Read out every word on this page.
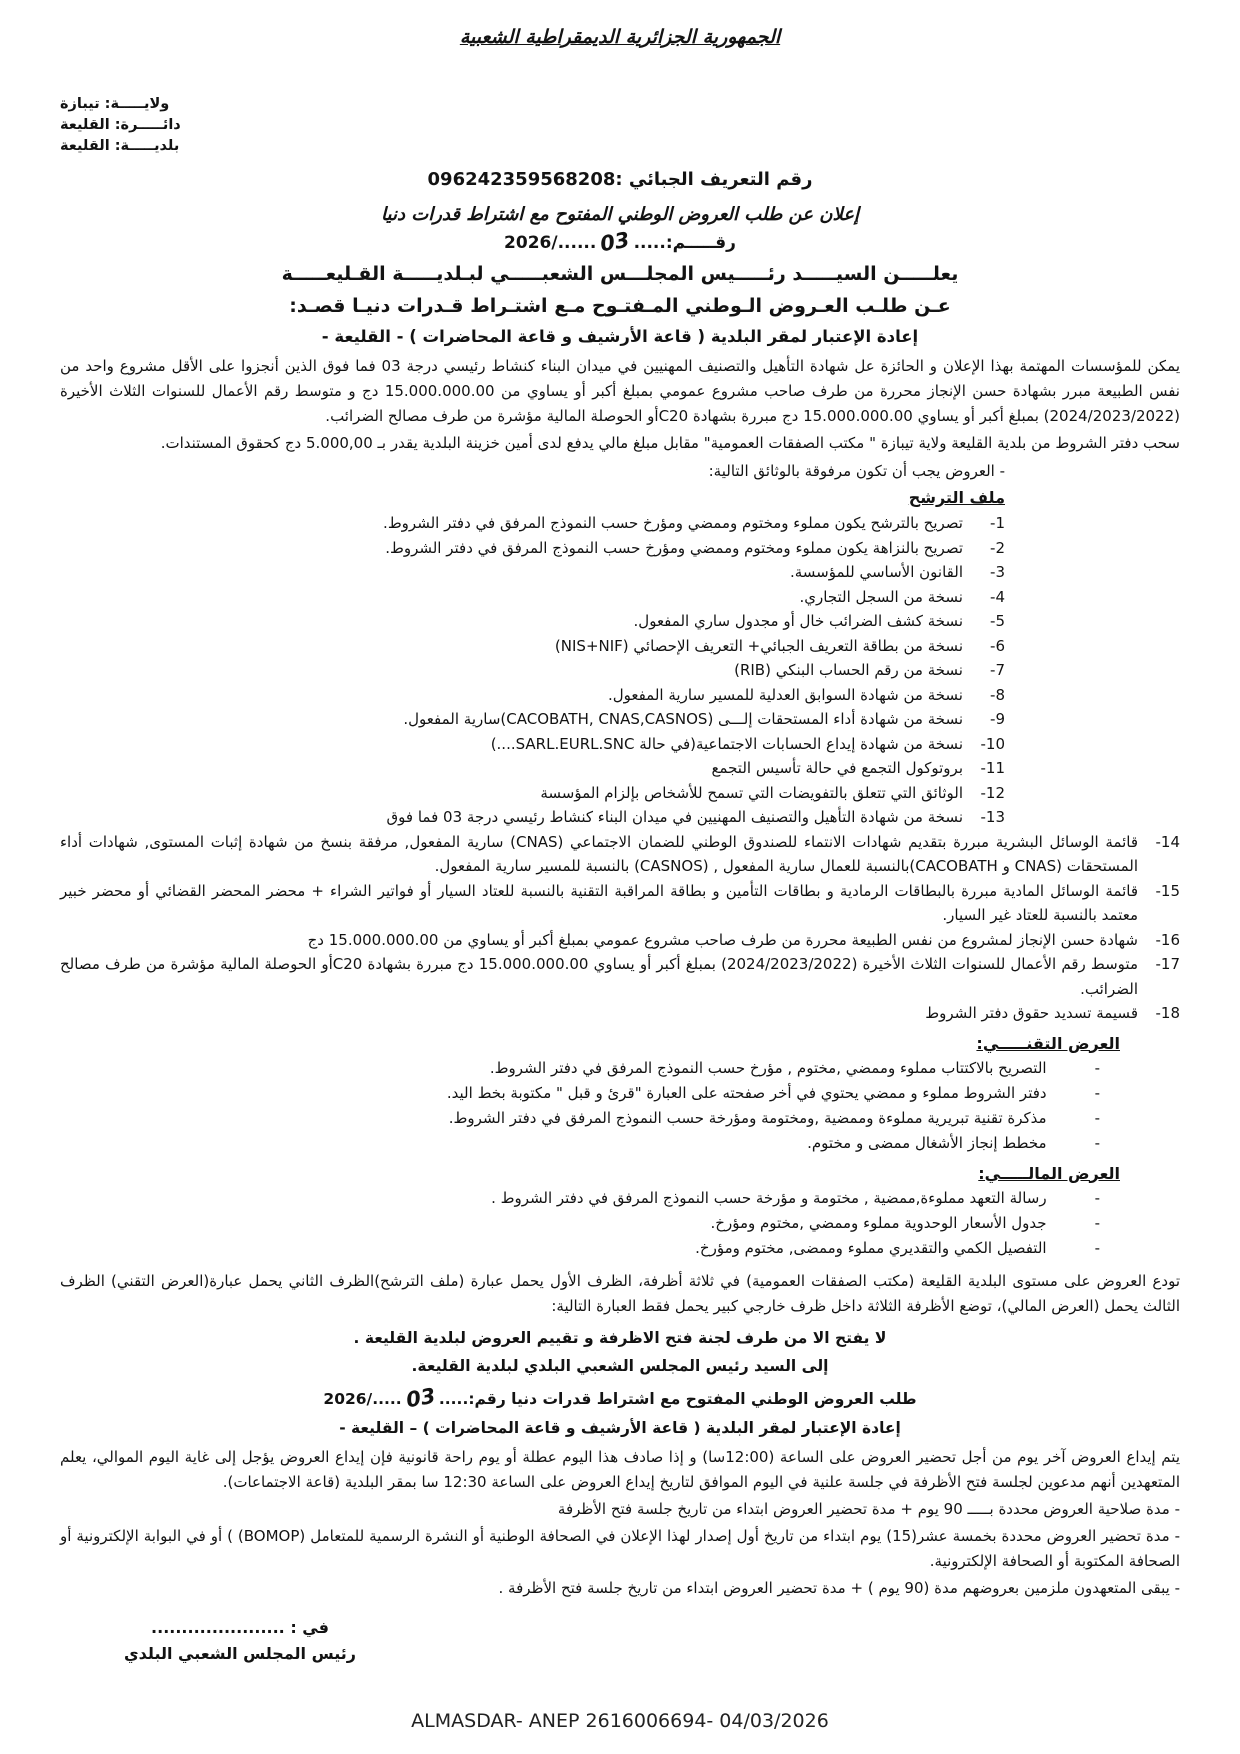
الجمهورية الجزائرية الديمقراطية الشعبية
ولايـــــة: تيبازة
دائـــــرة: القليعة
بلديـــــة: القليعة
رقم التعريف الجبائي :096242359568208
إعلان عن طلب العروض الوطني المفتوح مع اشتراط قدرات دنيا
رقـــــم:.....
03
2026/......
يعلـــــن السيـــــد رئـــــيس المجلـــس الشعبـــــي لبـلديـــــة القـليعـــــة
عـن طلـب العـروض الـوطني المـفتـوح مـع اشتـراط قـدرات دنيـا قصـد:
إعادة الإعتبار لمقر البلدية ( قاعة الأرشيف و قاعة المحاضرات ) - القليعة -
يمكن للمؤسسات المهتمة بهذا الإعلان و الحائزة عل شهادة التأهيل والتصنيف المهنيين في ميدان البناء كنشاط رئيسي درجة 03 فما فوق الذين أنجزوا على الأقل مشروع واحد من نفس الطبيعة مبرر بشهادة حسن الإنجاز محررة من طرف صاحب مشروع عمومي بمبلغ أكبر أو يساوي من 15.000.000.00 دج و متوسط رقم الأعمال للسنوات الثلاث الأخيرة (2024/2023/2022) بمبلغ أكبر أو يساوي 15.000.000.00 دج مبررة بشهادة C20أو الحوصلة المالية مؤشرة من طرف مصالح الضرائب.
سحب دفتر الشروط من بلدية القليعة ولاية تيبازة " مكتب الصفقات العمومية" مقابل مبلغ مالي يدفع لدى أمين خزينة البلدية يقدر بـ 5.000,00 دج كحقوق المستندات.
- العروض يجب أن تكون مرفوقة بالوثائق التالية:
ملف الترشح
-1
تصريح بالترشح يكون مملوء ومختوم وممضي ومؤرخ حسب النموذج المرفق في دفتر الشروط.
-2
تصريح بالنزاهة يكون مملوء ومختوم وممضي ومؤرخ حسب النموذج المرفق في دفتر الشروط.
-3
القانون الأساسي للمؤسسة.
-4
نسخة من السجل التجاري.
-5
نسخة كشف الضرائب خال أو مجدول ساري المفعول.
-6
نسخة من بطاقة التعريف الجبائي+ التعريف الإحصائي (NIS+NIF)
-7
نسخة من رقم الحساب البنكي (RIB)
-8
نسخة من شهادة السوابق العدلية للمسير سارية المفعول.
-9
نسخة من شهادة أداء المستحقات إلـــى (CACOBATH, CNAS,CASNOS)سارية المفعول.
-10
نسخة من شهادة إيداع الحسابات الاجتماعية(في حالة SARL.EURL.SNC....)
-11
بروتوكول التجمع في حالة تأسيس التجمع
-12
الوثائق التي تتعلق بالتفويضات التي تسمح للأشخاص بإلزام المؤسسة
-13
نسخة من شهادة التأهيل والتصنيف المهنيين في ميدان البناء كنشاط رئيسي درجة 03 فما فوق
-14
قائمة الوسائل البشرية مبررة بتقديم شهادات الانتماء للصندوق الوطني للضمان الاجتماعي (CNAS) سارية المفعول, مرفقة بنسخ من شهادة إثبات المستوى, شهادات أداء المستحقات (CNAS و CACOBATH)بالنسبة للعمال سارية المفعول , (CASNOS) بالنسبة للمسير سارية المفعول.
-15
قائمة الوسائل المادية مبررة بالبطاقات الرمادية و بطاقات التأمين و بطاقة المراقبة التقنية بالنسبة للعتاد السيار أو فواتير الشراء + محضر المحضر القضائي أو محضر خبير معتمد بالنسبة للعتاد غير السيار.
-16
شهادة حسن الإنجاز لمشروع من نفس الطبيعة محررة من طرف صاحب مشروع عمومي بمبلغ أكبر أو يساوي من 15.000.000.00 دج
-17
متوسط رقم الأعمال للسنوات الثلاث الأخيرة (2024/2023/2022) بمبلغ أكبر أو يساوي 15.000.000.00 دج مبررة بشهادة C20أو الحوصلة المالية مؤشرة من طرف مصالح الضرائب.
-18
قسيمة تسديد حقوق دفتر الشروط
العرض التقنـــــي:
-
التصريح بالاكتتاب مملوء وممضي ,مختوم , مؤرخ حسب النموذج المرفق في دفتر الشروط.
-
دفتر الشروط مملوء و ممضي يحتوي في أخر صفحته على العبارة "قرئ و قبل " مكتوبة بخط اليد.
-
مذكرة تقنية تبريرية مملوءة وممضية ,ومختومة ومؤرخة حسب النموذج المرفق في دفتر الشروط.
-
مخطط إنجاز الأشغال ممضى و مختوم.
العرض المالـــــي:
-
رسالة التعهد مملوءة,ممضية , مختومة و مؤرخة حسب النموذج المرفق في دفتر الشروط .
-
جدول الأسعار الوحدوية مملوء وممضي ,مختوم ومؤرخ.
-
التفصيل الكمي والتقديري مملوء وممضى, مختوم ومؤرخ.
تودع العروض على مستوى البلدية القليعة (مكتب الصفقات العمومية) في ثلاثة أظرفة، الظرف الأول يحمل عبارة (ملف الترشح)الظرف الثاني يحمل عبارة(العرض التقني) الظرف الثالث يحمل (العرض المالي)، توضع الأظرفة الثلاثة داخل ظرف خارجي كبير يحمل فقط العبارة التالية:
لا يفتح الا من طرف لجنة فتح الاظرفة و تقييم العروض لبلدية القليعة .
إلى السيد رئيس المجلس الشعبي البلدي لبلدية القليعة.
طلب العروض الوطني المفتوح مع اشتراط قدرات دنيا رقم:.....
03
2026/.....
إعادة الإعتبار لمقر البلدية ( قاعة الأرشيف و قاعة المحاضرات ) – القليعة -
يتم إيداع العروض آخر يوم من أجل تحضير العروض على الساعة (12:00سا) و إذا صادف هذا اليوم عطلة أو يوم راحة قانونية فإن إيداع العروض يؤجل إلى غاية اليوم الموالي، يعلم المتعهدين أنهم مدعوين لجلسة فتح الأظرفة في جلسة علنية في اليوم الموافق لتاريخ إيداع العروض على الساعة 12:30 سا بمقر البلدية (قاعة الاجتماعات).
- مدة صلاحية العروض محددة بـــــ 90 يوم + مدة تحضير العروض ابتداء من تاريخ جلسة فتح الأظرفة
- مدة تحضير العروض محددة بخمسة عشر(15) يوم ابتداء من تاريخ أول إصدار لهذا الإعلان في الصحافة الوطنية أو النشرة الرسمية للمتعامل (BOMOP) ) أو في البوابة الإلكترونية أو الصحافة المكتوبة أو الصحافة الإلكترونية.
- يبقى المتعهدون ملزمين بعروضهم مدة (90 يوم ) + مدة تحضير العروض ابتداء من تاريخ جلسة فتح الأظرفة .
في : ......................
رئيس المجلس الشعبي البلدي
ALMASDAR- ANEP 2616006694- 04/03/2026
